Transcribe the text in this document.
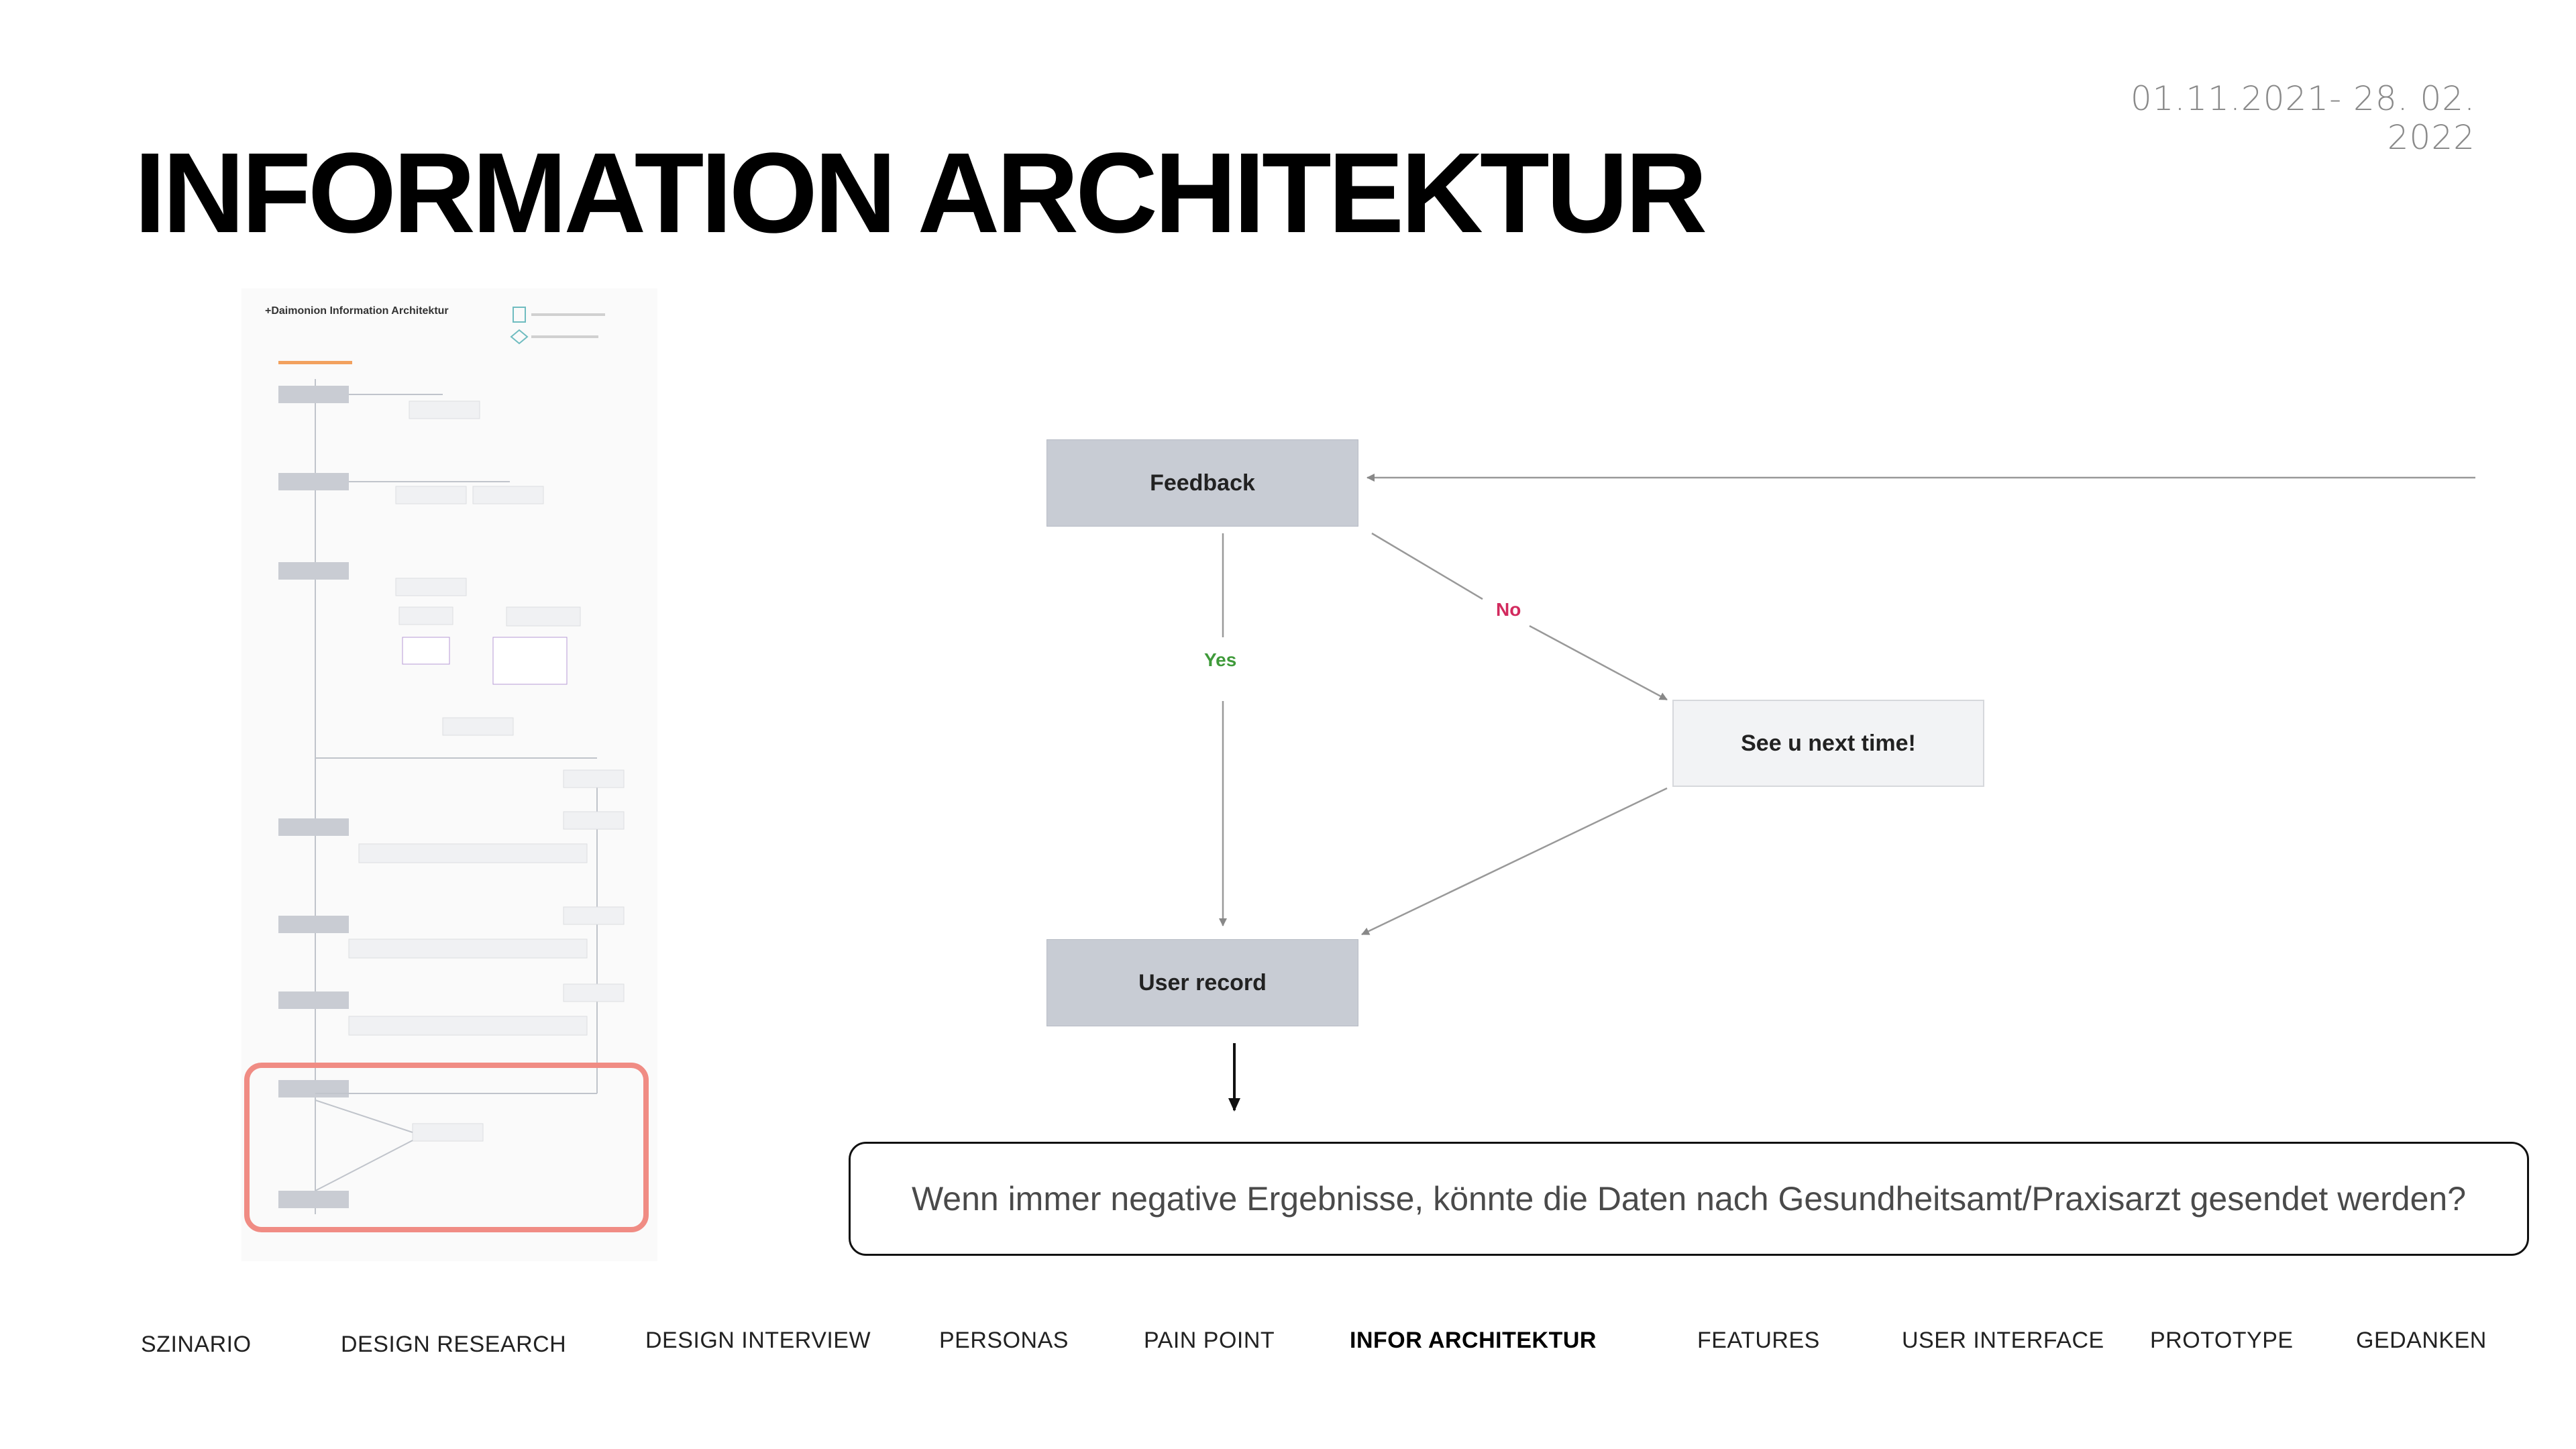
01.11.2021- 28. 02. 2022
INFORMATION ARCHITEKTUR
+Daimonion Information Architektur
Feedback
See u next time!
User record
Yes
No
Wenn immer negative Ergebnisse, könnte die Daten nach Gesundheitsamt/Praxisarzt gesendet werden?
SZINARIO	DESIGN RESEARCH	DESIGN INTERVIEW	PERSONAS	PAIN POINT	INFOR ARCHITEKTUR	FEATURES	USER INTERFACE PROTOTYPE	GEDANKEN
